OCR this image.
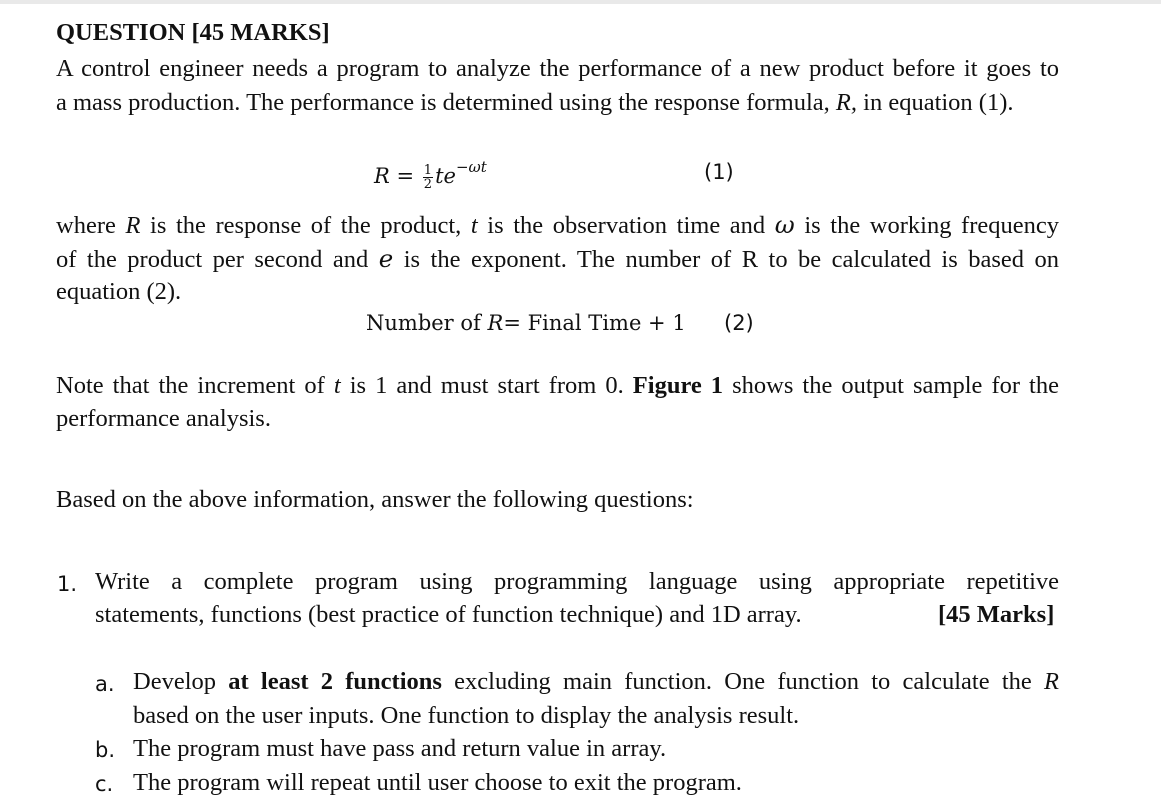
QUESTION [45 MARKS]
A control engineer needs a program to analyze the performance of a new product before it goes to
a mass production. The performance is determined using the response formula, R, in equation (1).
$R = \frac{1}{2} te^{-\omega t}$	(1)
where R is the response of the product, t is the observation time and ω is the working frequency
of the product per second and e is the exponent. The number of R to be calculated is based on
equation (2).
Number of R= Final Time + 1 (2)
Note that the increment of t is 1 and must start from 0. Figure 1 shows the output sample for the
performance analysis.
Based on the above information, answer the following questions:
1. Write a complete program using programming language using appropriate repetitive
statements, functions (best practice of function technique) and 1D array.	[45 Marks]
a. Develop at least 2 functions excluding main function. One function to calculate the R
based on the user inputs. One function to display the analysis result.
b. The program must have pass and return value in array.
c. The program will repeat until user choose to exit the program.
